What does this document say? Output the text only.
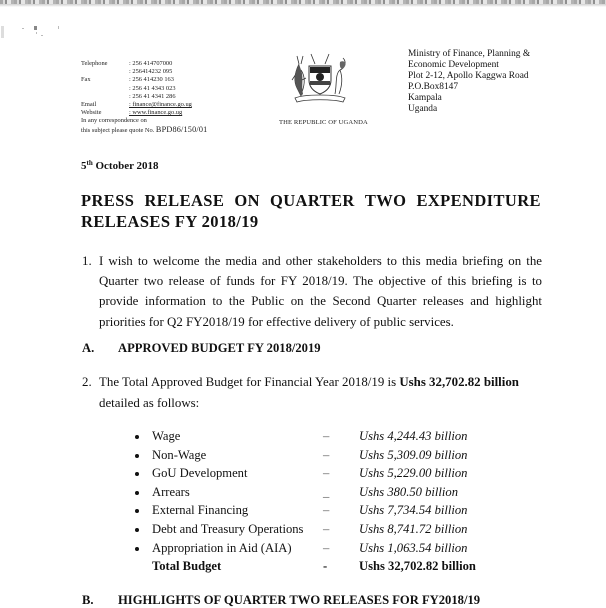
Telephone	: 256 414707000
: 256414232 095
Fax	: 256 414230 163
: 256 41 4343 023
: 256 41 4341 286
Email	: finance@finance.go.ug
Website	: www.finance.go.ug
In any correspondence on
this subject please quote No. BPD86/150/01
THE REPUBLIC OF UGANDA
Ministry of Finance, Planning &
Economic Development
Plot 2-12, Apollo Kaggwa Road
P.O.Box8147
Kampala
Uganda
5th October 2018
PRESS RELEASE ON QUARTER TWO EXPENDITURE
RELEASES FY 2018/19
1. I wish to welcome the media and other stakeholders to this media briefing on the Quarter two release of funds for FY 2018/19. The objective of this briefing is to provide information to the Public on the Second Quarter releases and highlight priorities for Q2 FY2018/19 for effective delivery of public services.
A. APPROVED BUDGET FY 2018/2019
2. The Total Approved Budget for Financial Year 2018/19 is Ushs 32,702.82 billion detailed as follows:
Wage	– Ushs 4,244.43 billion
Non-Wage	– Ushs 5,309.09 billion
GoU Development	– Ushs 5,229.00 billion
Arrears	_ Ushs 380.50 billion
External Financing	– Ushs 7,734.54 billion
Debt and Treasury Operations – Ushs 8,741.72 billion
Appropriation in Aid (AIA) – Ushs 1,063.54 billion
Total Budget	-	Ushs 32,702.82 billion
B. HIGHLIGHTS OF QUARTER TWO RELEASES FOR FY2018/19
